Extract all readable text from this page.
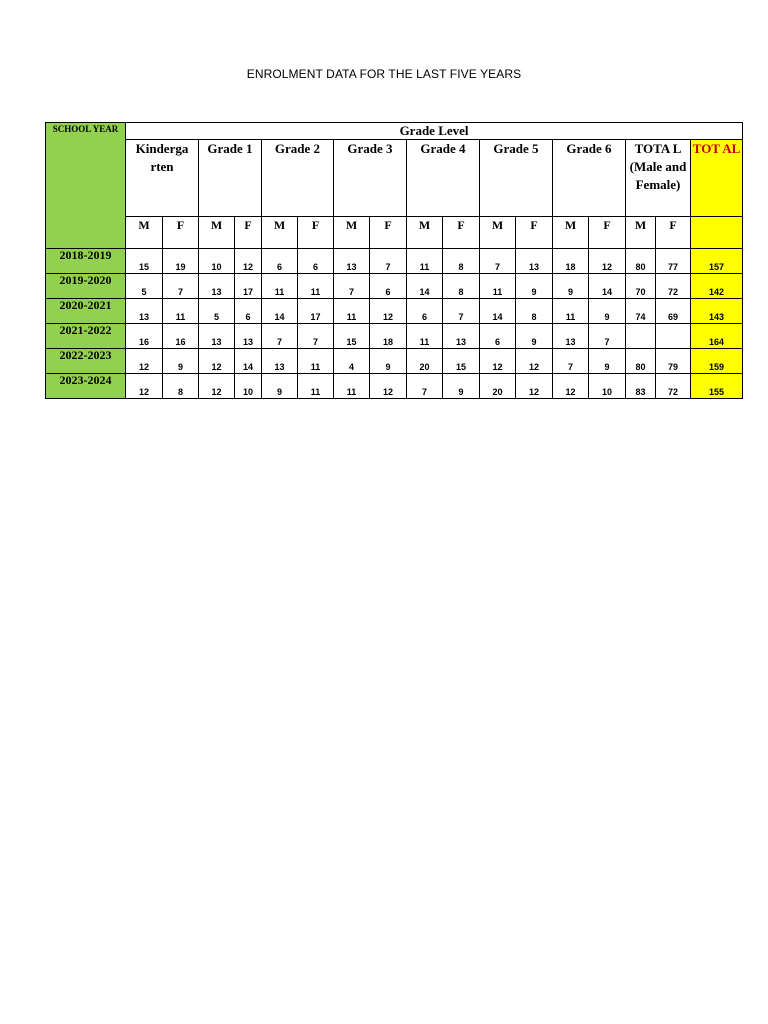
ENROLMENT DATA FOR THE LAST FIVE YEARS
SCHOOL YEAR	Grade Level																
	Kinderga rten		Grade 1		Grade 2		Grade 3		Grade 4		Grade 5		Grade 6		TOTA L (Male and Female)		TOT AL
	M	F	M	F	M	F	M	F	M	F	M	F	M	F	M	F	
2018-2019	15	19	10	12	6	6	13	7	11	8	7	13	18	12	80	77	157
2019-2020	5	7	13	17	11	11	7	6	14	8	11	9	9	14	70	72	142
2020-2021	13	11	5	6	14	17	11	12	6	7	14	8	11	9	74	69	143
2021-2022	16	16	13	13	7	7	15	18	11	13	6	9	13	7			164
2022-2023	12	9	12	14	13	11	4	9	20	15	12	12	7	9	80	79	159
2023-2024	12	8	12	10	9	11	11	12	7	9	20	12	12	10	83	72	155
